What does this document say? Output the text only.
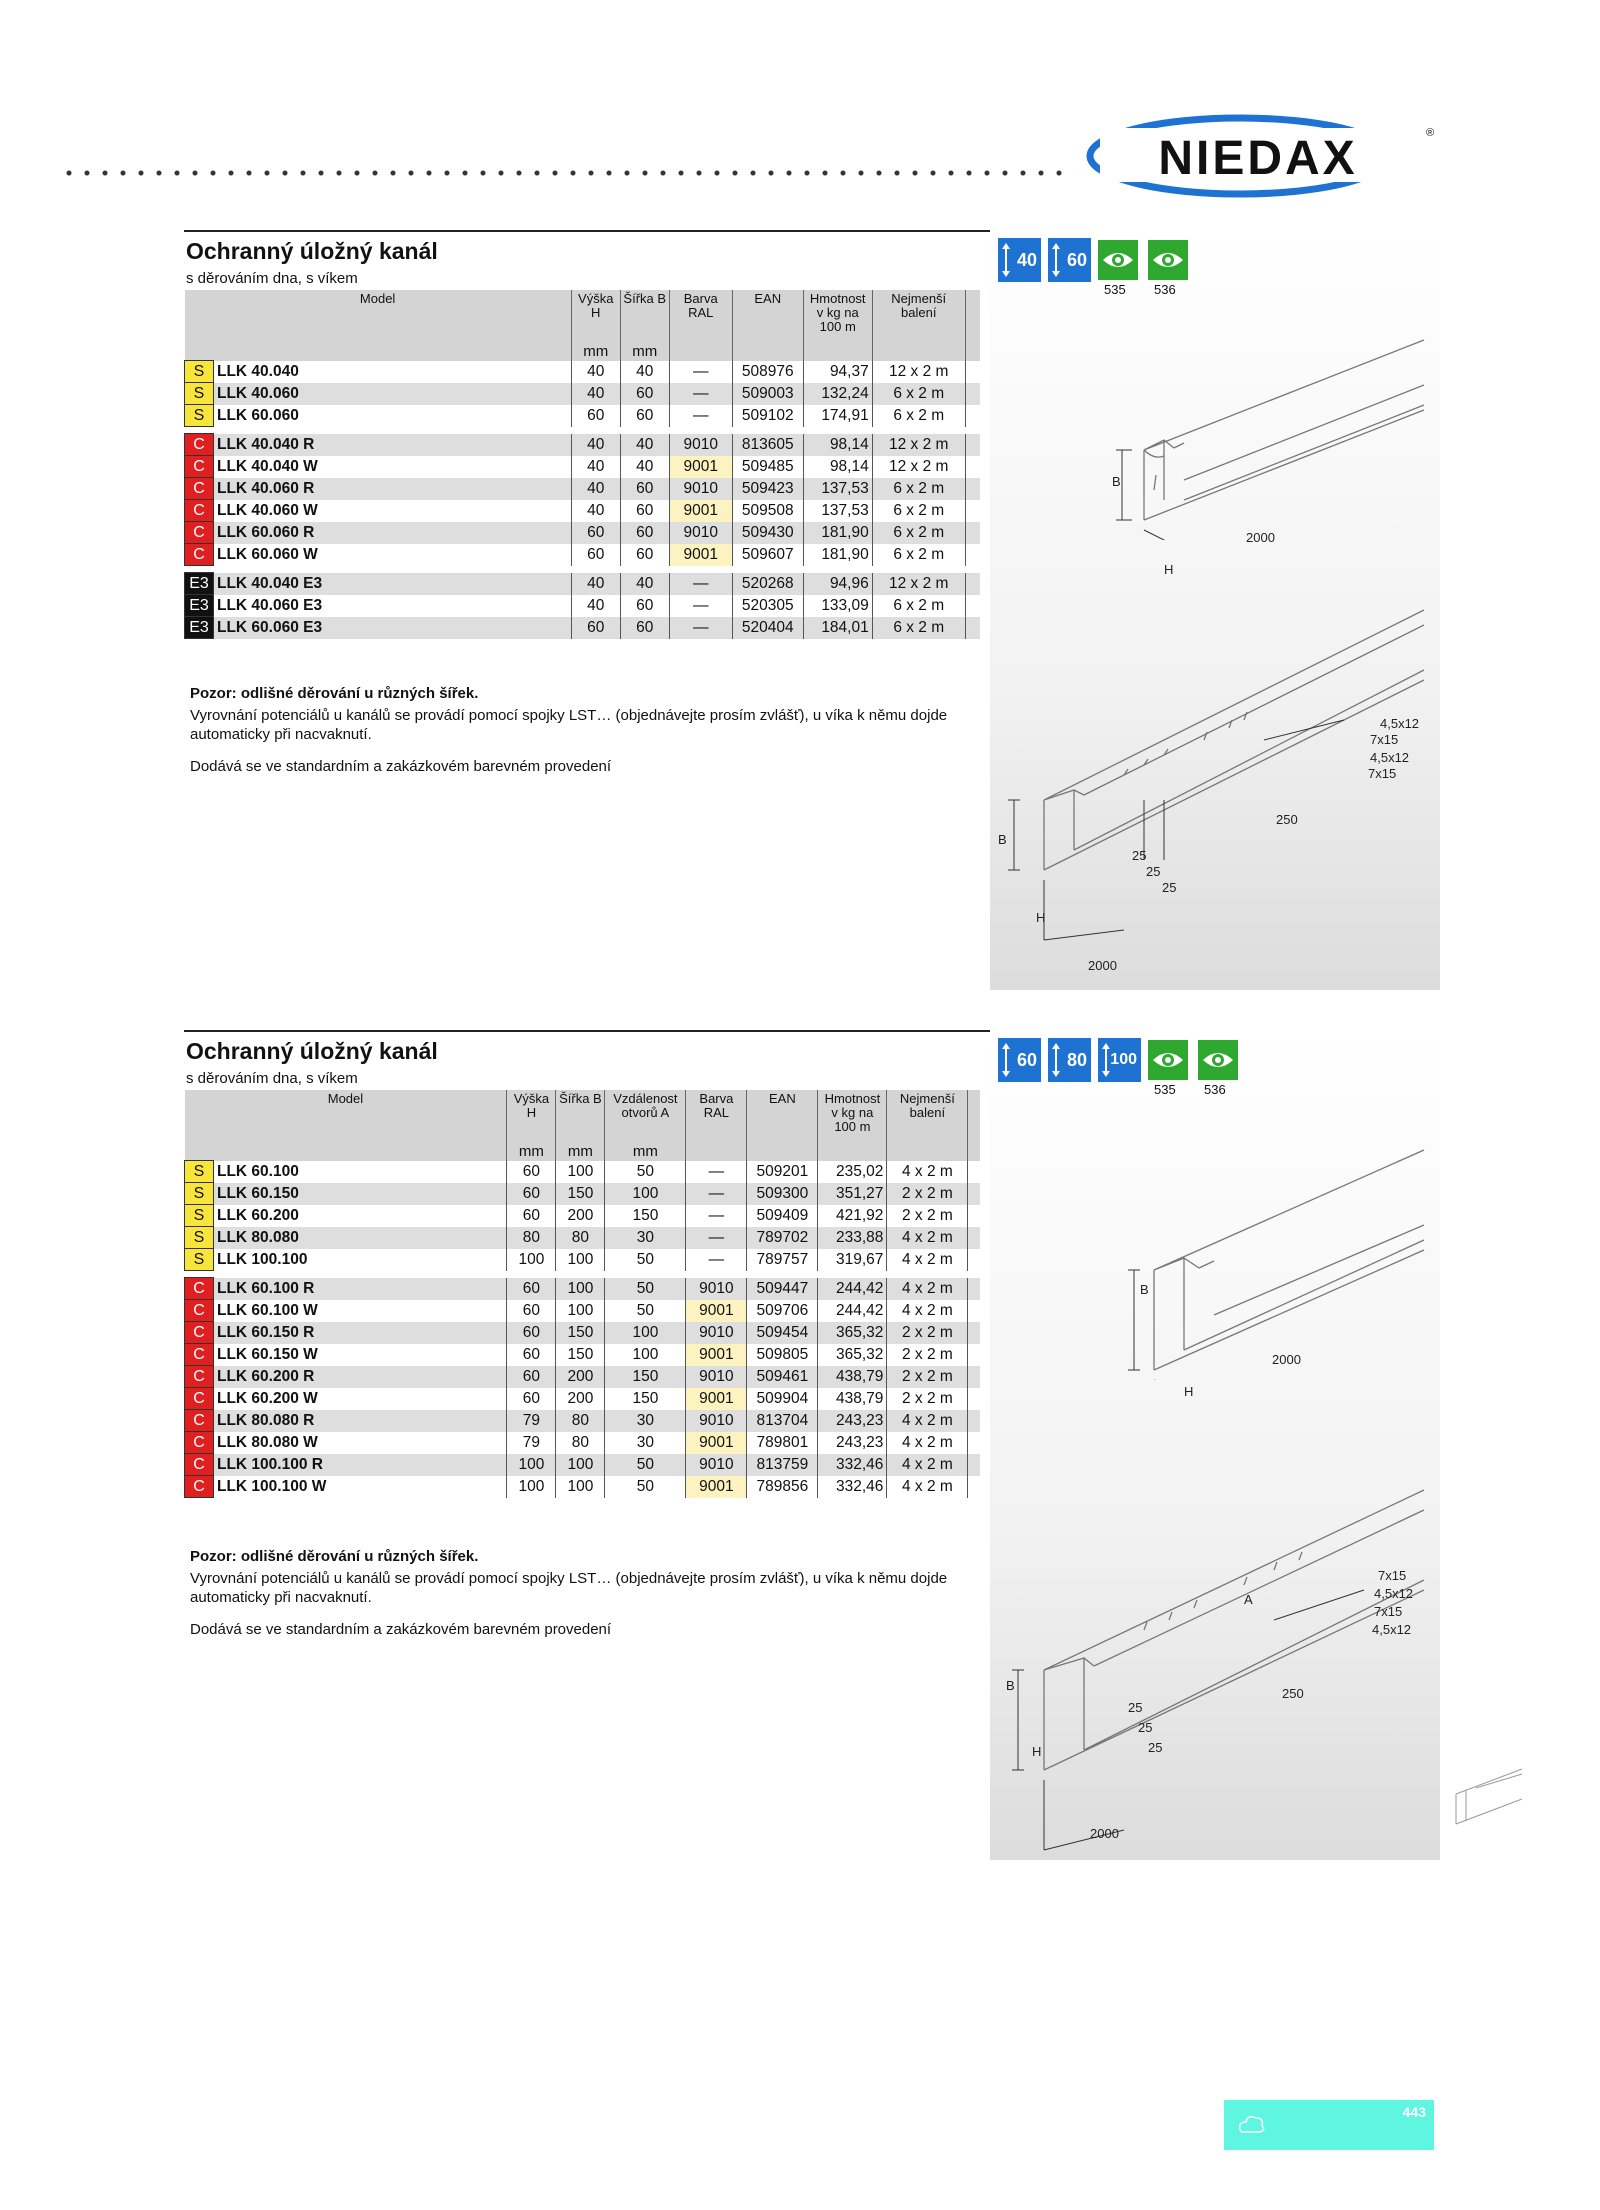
NIEDAX	®
Ochranný úložný kanál
s děrováním dna, s víkem
Model		Výška H	Šířka B	Barva RAL	EAN	Hmotnost v kg na 100 m	Nejmenší balení	
		mm	mm					
S	LLK 40.040	40	40	—	508976	94,37	12 x 2 m	
S	LLK 40.060	40	60	—	509003	132,24	6 x 2 m	
S	LLK 60.060	60	60	—	509102	174,91	6 x 2 m	

C	LLK 40.040 R	40	40	9010	813605	98,14	12 x 2 m	
C	LLK 40.040 W	40	40	9001	509485	98,14	12 x 2 m	
C	LLK 40.060 R	40	60	9010	509423	137,53	6 x 2 m	
C	LLK 40.060 W	40	60	9001	509508	137,53	6 x 2 m	
C	LLK 60.060 R	60	60	9010	509430	181,90	6 x 2 m	
C	LLK 60.060 W	60	60	9001	509607	181,90	6 x 2 m	

E3	LLK 40.040 E3	40	40	—	520268	94,96	12 x 2 m	
E3	LLK 40.060 E3	40	60	—	520305	133,09	6 x 2 m	
E3	LLK 60.060 E3	60	60	—	520404	184,01	6 x 2 m	
Pozor: odlišné děrování u různých šířek.
Vyrovnání potenciálů u kanálů se provádí pomocí spojky LST… (objednávejte prosím zvlášť), u víka k němu dojde automaticky při nacvaknutí.
Dodává se ve standardním a zakázkovém barevném provedení
40 60
535 536
B
H
2000
4,5x12
7x15
4,5x12
7x15
250
B
25
25
25
H
2000
Ochranný úložný kanál
s děrováním dna, s víkem
Model		Výška H	Šířka B	Vzdálenost otvorů A	Barva RAL	EAN	Hmotnost v kg na 100 m	Nejmenší balení	
		mm	mm	mm					
S	LLK 60.100	60	100	50	—	509201	235,02	4 x 2 m	
S	LLK 60.150	60	150	100	—	509300	351,27	2 x 2 m	
S	LLK 60.200	60	200	150	—	509409	421,92	2 x 2 m	
S	LLK 80.080	80	80	30	—	789702	233,88	4 x 2 m	
S	LLK 100.100	100	100	50	—	789757	319,67	4 x 2 m	

C	LLK 60.100 R	60	100	50	9010	509447	244,42	4 x 2 m	
C	LLK 60.100 W	60	100	50	9001	509706	244,42	4 x 2 m	
C	LLK 60.150 R	60	150	100	9010	509454	365,32	2 x 2 m	
C	LLK 60.150 W	60	150	100	9001	509805	365,32	2 x 2 m	
C	LLK 60.200 R	60	200	150	9010	509461	438,79	2 x 2 m	
C	LLK 60.200 W	60	200	150	9001	509904	438,79	2 x 2 m	
C	LLK 80.080 R	79	80	30	9010	813704	243,23	4 x 2 m	
C	LLK 80.080 W	79	80	30	9001	789801	243,23	4 x 2 m	
C	LLK 100.100 R	100	100	50	9010	813759	332,46	4 x 2 m	
C	LLK 100.100 W	100	100	50	9001	789856	332,46	4 x 2 m	
Pozor: odlišné děrování u různých šířek.
Vyrovnání potenciálů u kanálů se provádí pomocí spojky LST… (objednávejte prosím zvlášť), u víka k němu dojde automaticky při nacvaknutí.
Dodává se ve standardním a zakázkovém barevném provedení
60 80 100
535 536
B
H
2000
7x15
4,5x12
A
7x15
4,5x12
B
250
25
25
25
H
2000
443
